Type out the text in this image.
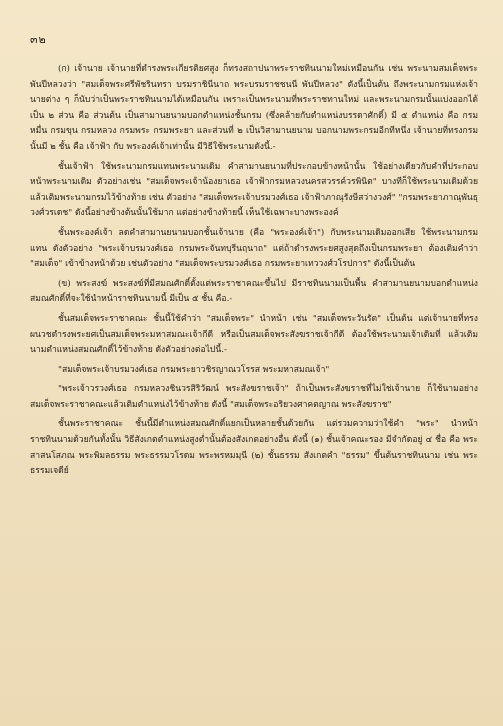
๓๒

(ก) เจ้านาย เจ้านายที่ดำรงพระเกียรติยศสูง ก็ทรงสถาปนาพระราชทินนามใหม่เหมือนกัน เช่น พระนามสมเด็จพระพันปีหลวงว่า "สมเด็จพระศรีพัชรินทรา บรมราชินีนาถ พระบรมราชชนนี พันปีหลวง" ดังนี้เป็นต้น ถึงพระนามกรมแห่งเจ้านายต่าง ๆ ก็นับว่าเป็นพระราชทินนามได้เหมือนกัน เพราะเป็นพระนามที่พระราชทานใหม่ และพระนามกรมนั้นแบ่งออกได้เป็น ๒ ส่วน คือ ส่วนต้น เป็นสามานยนามบอกตำแหน่งชั้นกรม (ซึ่งคล้ายกับตำแหน่งบรรดาศักดิ์) มี ๕ ตำแหน่ง คือ กรมหมื่น กรมขุน กรมหลวง กรมพระ กรมพระยา และส่วนที่ ๒ เป็นวิสามานยนาม บอกนามพระกรมอีกทีหนึ่ง เจ้านายที่ทรงกรมนั้นมี ๒ ชั้น คือ เจ้าฟ้า กับ พระองค์เจ้าเท่านั้น มีวิธีใช้พระนามดังนี้.-

ชั้นเจ้าฟ้า ใช้พระนามกรมแทนพระนามเดิม คำสามานยนามที่ประกอบข้างหน้านั้น ใช้อย่างเดียวกับคำที่ประกอบหน้าพระนามเดิม ตัวอย่างเช่น "สมเด็จพระเจ้าน้องยาเธอ เจ้าฟ้ากรมหลวงนครสวรรค์วรพินิต" บางทีก็ใช้พระนามเดิมด้วย แล้วเติมพระนามกรมไว้ข้างท้าย เช่น ตัวอย่าง "สมเด็จพระเจ้าบรมวงศ์เธอ เจ้าฟ้าภาณุรังษีสว่างวงศ์" "กรมพระยาภาณุพันธุวงศ์วรเดช" ดังนี้อย่างข้างต้นนั้นใช้มาก แต่อย่างข้างท้ายนี้ เห็นใช้เฉพาะบางพระองค์

ชั้นพระองค์เจ้า ลดคำสามานยนามบอกชั้นเจ้านาย (คือ "พระองค์เจ้า") กับพระนามเดิมออกเสีย ใช้พระนามกรมแทน ดังตัวอย่าง "พระเจ้าบรมวงศ์เธอ กรมพระจันทบุรีนฤนาถ" แต่ถ้าดำรงพระยศสูงสุดถึงเป็นกรมพระยา ต้องเติมคำว่า "สมเด็จ" เข้าข้างหน้าด้วย เช่นตัวอย่าง "สมเด็จพระบรมวงศ์เธอ กรมพระยาเทววงศ์วโรปการ" ดังนี้เป็นต้น

(ข) พระสงฆ์ พระสงฆ์ที่มีสมณศักดิ์ตั้งแต่พระราชาคณะขึ้นไป มีราชทินนามเป็นพื้น คำสามานยนามบอกตำแหน่งสมณศักดิ์ที่จะใช้นำหน้าราชทินนามนี้ มีเป็น ๕ ชั้น คือ.-

ชั้นสมเด็จพระราชาคณะ ชั้นนี้ใช้คำว่า "สมเด็จพระ" นำหน้า เช่น "สมเด็จพระวันรัต" เป็นต้น แต่เจ้านายที่ทรงผนวชดำรงพระยศเป็นสมเด็จพระมหาสมณะเจ้ากีดี หรือเป็นสมเด็จพระสังฆราชเจ้ากีดี ต้องใช้พระนามเจ้าเดิมที่ แล้วเติมนามตำแหน่งสมณศักดิ์ไว้ข้างท้าย ดังตัวอย่างต่อไปนี้.-

"สมเด็จพระเจ้าบรมวงศ์เธอ กรมพระยาวชิรญาณวโรรส พระมหาสมณเจ้า"

"พระเจ้าวรวงศ์เธอ กรมหลวงชินวรสิริวัฒน์ พระสังฆราชเจ้า" ถ้าเป็นพระสังฆราชที่ไม่ใช่เจ้านาย ก็ใช้นามอย่างสมเด็จพระราชาคณะแล้วเติมตำแหน่งไว้ข้างท้าย ดังนี้ "สมเด็จพระอริยวงศาคตญาณ พระสังฆราช"

ชั้นพระราชาคณะ ชั้นนี้มีตำแหน่งสมณศักดิ์แยกเป็นหลายชั้นด้วยกัน แต่รวมความว่าใช้คำ "พระ" นำหน้าราชทินนามด้วยกันทั้งนั้น วิธีสังเกตตำแหน่งสูงต่ำนั้นต้องสังเกตอย่างอื่น ดังนี้ (๑) ชั้นเจ้าคณะรอง มีจำกัดอยู่ ๔ ชื่อ คือ พระสาสนโสภณ พระพิมลธรรม พระธรรมวโรดม พระพรหมมุนี (๒) ชั้นธรรม สังเกตคำ "ธรรม" ขึ้นต้นราชทินนาม เช่น พระธรรมเจดีย์
